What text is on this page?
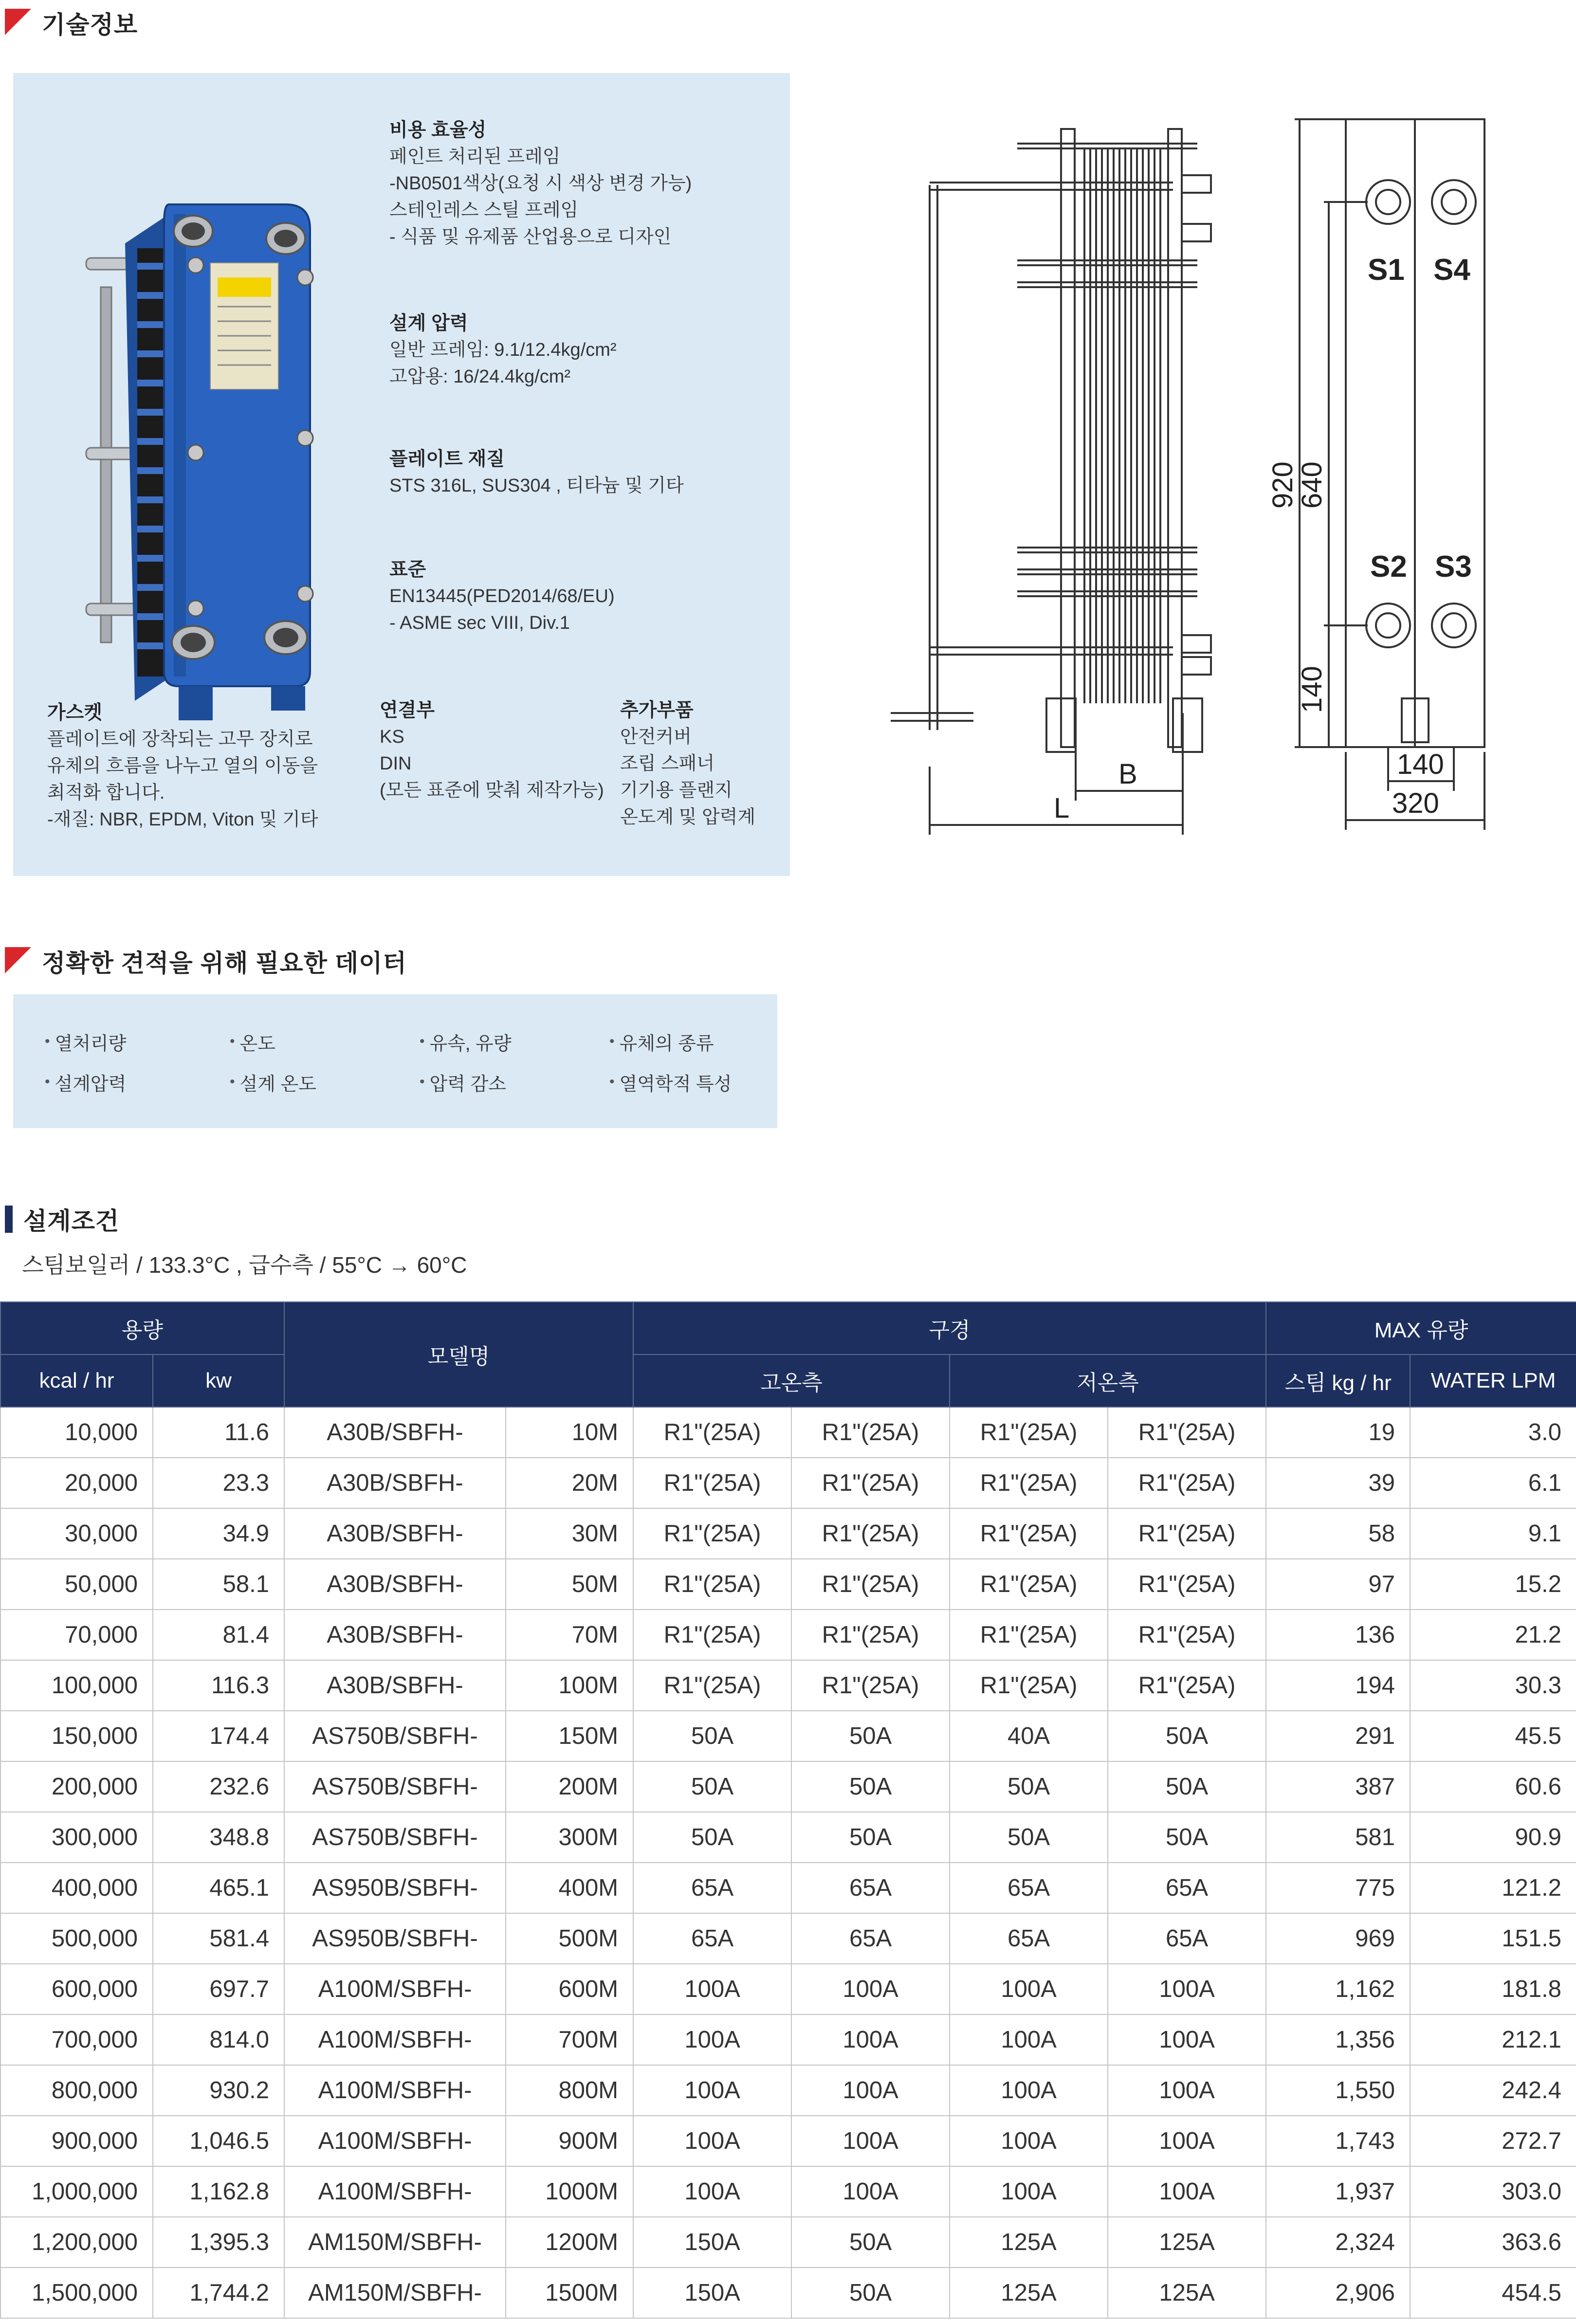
기술정보
비용 효율성
페인트 처리된 프레임
-NB0501색상(요청 시 색상 변경 가능)
스테인레스 스틸 프레임
- 식품 및 유제품 산업용으로 디자인
설계 압력
일반 프레임: 9.1/12.4kg/cm²
고압용: 16/24.4kg/cm²
플레이트 재질
STS 316L, SUS304 , 티타늄 및 기타
표준
EN13445(PED2014/68/EU)
- ASME sec VIII, Div.1
가스켓
플레이트에 장착되는 고무 장치로
유체의 흐름을 나누고 열의 이동을
최적화 합니다.
-재질: NBR, EPDM, Viton 및 기타
연결부
KS
DIN
(모든 표준에 맞춰 제작가능)
추가부품
안전커버
조립 스패너
기기용 플랜지
온도계 및 압력계
S1 S4
S2 S3
B
L
140
320
920
640
140
정확한 견적을 위해 필요한 데이터
• 열처리량	• 온도	• 유속, 유량	• 유체의 종류
• 설계압력	• 설계 온도	• 압력 감소	• 열역학적 특성
설계조건
스팀보일러 / 133.3°C , 급수측 / 55°C → 60°C
용량		모델명		구경				MAX 유량	
kcal / hr	kw			고온측		저온측		스팀 kg / hr	WATER LPM
10,000	11.6	A30B/SBFH-	10M	R1"(25A)	R1"(25A)	R1"(25A)	R1"(25A)	19	3.0
20,000	23.3	A30B/SBFH-	20M	R1"(25A)	R1"(25A)	R1"(25A)	R1"(25A)	39	6.1
30,000	34.9	A30B/SBFH-	30M	R1"(25A)	R1"(25A)	R1"(25A)	R1"(25A)	58	9.1
50,000	58.1	A30B/SBFH-	50M	R1"(25A)	R1"(25A)	R1"(25A)	R1"(25A)	97	15.2
70,000	81.4	A30B/SBFH-	70M	R1"(25A)	R1"(25A)	R1"(25A)	R1"(25A)	136	21.2
100,000	116.3	A30B/SBFH-	100M	R1"(25A)	R1"(25A)	R1"(25A)	R1"(25A)	194	30.3
150,000	174.4	AS750B/SBFH-	150M	50A	50A	40A	50A	291	45.5
200,000	232.6	AS750B/SBFH-	200M	50A	50A	50A	50A	387	60.6
300,000	348.8	AS750B/SBFH-	300M	50A	50A	50A	50A	581	90.9
400,000	465.1	AS950B/SBFH-	400M	65A	65A	65A	65A	775	121.2
500,000	581.4	AS950B/SBFH-	500M	65A	65A	65A	65A	969	151.5
600,000	697.7	A100M/SBFH-	600M	100A	100A	100A	100A	1,162	181.8
700,000	814.0	A100M/SBFH-	700M	100A	100A	100A	100A	1,356	212.1
800,000	930.2	A100M/SBFH-	800M	100A	100A	100A	100A	1,550	242.4
900,000	1,046.5	A100M/SBFH-	900M	100A	100A	100A	100A	1,743	272.7
1,000,000	1,162.8	A100M/SBFH-	1000M	100A	100A	100A	100A	1,937	303.0
1,200,000	1,395.3	AM150M/SBFH-	1200M	150A	50A	125A	125A	2,324	363.6
1,500,000	1,744.2	AM150M/SBFH-	1500M	150A	50A	125A	125A	2,906	454.5
